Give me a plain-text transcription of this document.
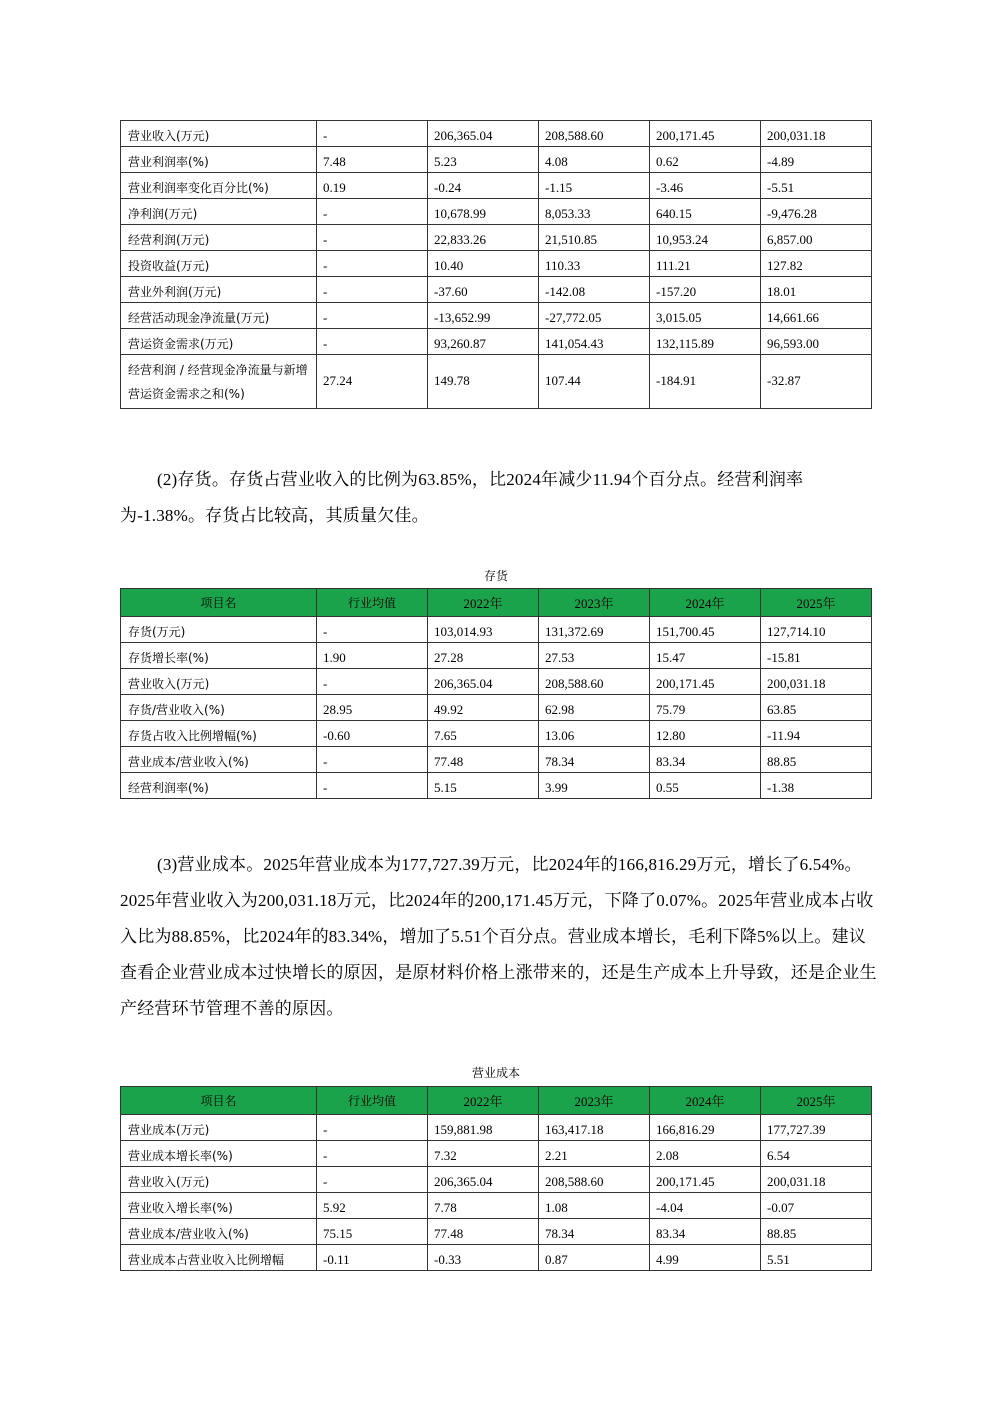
营业收入(万元)	-	206,365.04	208,588.60	200,171.45	200,031.18
营业利润率(%)	7.48	5.23	4.08	0.62	-4.89
营业利润率变化百分比(%)	0.19	-0.24	-1.15	-3.46	-5.51
净利润(万元)	-	10,678.99	8,053.33	640.15	-9,476.28
经营利润(万元)	-	22,833.26	21,510.85	10,953.24	6,857.00
投资收益(万元)	-	10.40	110.33	111.21	127.82
营业外利润(万元)	-	-37.60	-142.08	-157.20	18.01
经营活动现金净流量(万元)	-	-13,652.99	-27,772.05	3,015.05	14,661.66
营运资金需求(万元)	-	93,260.87	141,054.43	132,115.89	96,593.00
经营利润 / 经营现金净流量与新增营运资金需求之和(%)	27.24	149.78	107.44	-184.91	-32.87

(2)存货。存货占营业收入的比例为63.85%，比2024年减少11.94个百分点。经营利润率为-1.38%。存货占比较高，其质量欠佳。

存货
项目名	行业均值	2022年	2023年	2024年	2025年
存货(万元)	-	103,014.93	131,372.69	151,700.45	127,714.10
存货增长率(%)	1.90	27.28	27.53	15.47	-15.81
营业收入(万元)	-	206,365.04	208,588.60	200,171.45	200,031.18
存货/营业收入(%)	28.95	49.92	62.98	75.79	63.85
存货占收入比例增幅(%)	-0.60	7.65	13.06	12.80	-11.94
营业成本/营业收入(%)	-	77.48	78.34	83.34	88.85
经营利润率(%)	-	5.15	3.99	0.55	-1.38

(3)营业成本。2025年营业成本为177,727.39万元，比2024年的166,816.29万元，增长了6.54%。2025年营业收入为200,031.18万元，比2024年的200,171.45万元，下降了0.07%。2025年营业成本占收入比为88.85%，比2024年的83.34%，增加了5.51个百分点。营业成本增长，毛利下降5%以上。建议查看企业营业成本过快增长的原因，是原材料价格上涨带来的，还是生产成本上升导致，还是企业生产经营环节管理不善的原因。

营业成本
项目名	行业均值	2022年	2023年	2024年	2025年
营业成本(万元)	-	159,881.98	163,417.18	166,816.29	177,727.39
营业成本增长率(%)	-	7.32	2.21	2.08	6.54
营业收入(万元)	-	206,365.04	208,588.60	200,171.45	200,031.18
营业收入增长率(%)	5.92	7.78	1.08	-4.04	-0.07
营业成本/营业收入(%)	75.15	77.48	78.34	83.34	88.85
营业成本占营业收入比例增幅	-0.11	-0.33	0.87	4.99	5.51
